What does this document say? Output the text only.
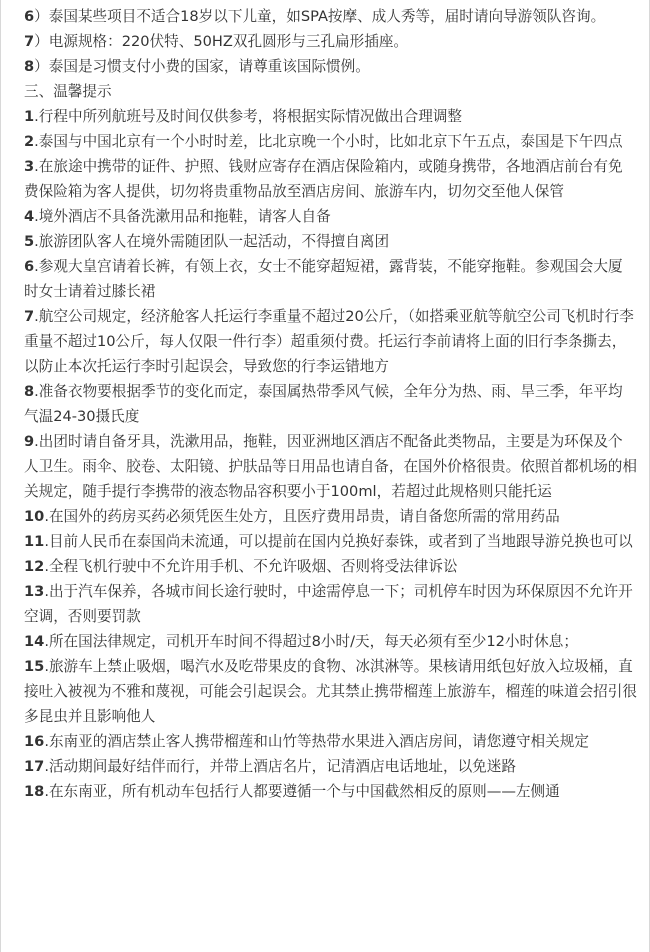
6）泰国某些项目不适合18岁以下儿童，如SPA按摩、成人秀等，届时请向导游领队咨询。

7）电源规格：220伏特、50HZ双孔圆形与三孔扁形插座。

8）泰国是习惯支付小费的国家，请尊重该国际惯例。

三、温馨提示

1.行程中所列航班号及时间仅供参考，将根据实际情况做出合理调整

2.泰国与中国北京有一个小时时差，比北京晚一个小时，比如北京下午五点，泰国是下午四点

3.在旅途中携带的证件、护照、钱财应寄存在酒店保险箱内，或随身携带，各地酒店前台有免费保险箱为客人提供，切勿将贵重物品放至酒店房间、旅游车内，切勿交至他人保管

4.境外酒店不具备洗漱用品和拖鞋，请客人自备

5.旅游团队客人在境外需随团队一起活动，不得擅自离团

6.参观大皇宫请着长裤，有领上衣，女士不能穿超短裙，露背装，不能穿拖鞋。参观国会大厦时女士请着过膝长裙

7.航空公司规定，经济舱客人托运行李重量不超过20公斤，（如搭乘亚航等航空公司飞机时行李重量不超过10公斤，每人仅限一件行李）超重须付费。托运行李前请将上面的旧行李条撕去，以防止本次托运行李时引起误会，导致您的行李运错地方

8.准备衣物要根据季节的变化而定，泰国属热带季风气候，全年分为热、雨、旱三季，年平均气温24-30摄氏度

9.出团时请自备牙具，洗漱用品，拖鞋，因亚洲地区酒店不配备此类物品，主要是为环保及个人卫生。雨伞、胶卷、太阳镜、护肤品等日用品也请自备，在国外价格很贵。依照首都机场的相关规定，随手提行李携带的液态物品容积要小于100ml，若超过此规格则只能托运

10.在国外的药房买药必须凭医生处方，且医疗费用昂贵，请自备您所需的常用药品

11.目前人民币在泰国尚未流通，可以提前在国内兑换好泰铢，或者到了当地跟导游兑换也可以

12.全程飞机行驶中不允许用手机、不允许吸烟、否则将受法律诉讼

13.出于汽车保养，各城市间长途行驶时，中途需停息一下；司机停车时因为环保原因不允许开空调，否则要罚款

14.所在国法律规定，司机开车时间不得超过8小时/天，每天必须有至少12小时休息；

15.旅游车上禁止吸烟，喝汽水及吃带果皮的食物、冰淇淋等。果核请用纸包好放入垃圾桶，直接吐入被视为不雅和蔑视，可能会引起误会。尤其禁止携带榴莲上旅游车，榴莲的味道会招引很多昆虫并且影响他人

16.东南亚的酒店禁止客人携带榴莲和山竹等热带水果进入酒店房间，请您遵守相关规定

17.活动期间最好结伴而行，并带上酒店名片，记清酒店电话地址，以免迷路

18.在东南亚，所有机动车包括行人都要遵循一个与中国截然相反的原则——左侧通
